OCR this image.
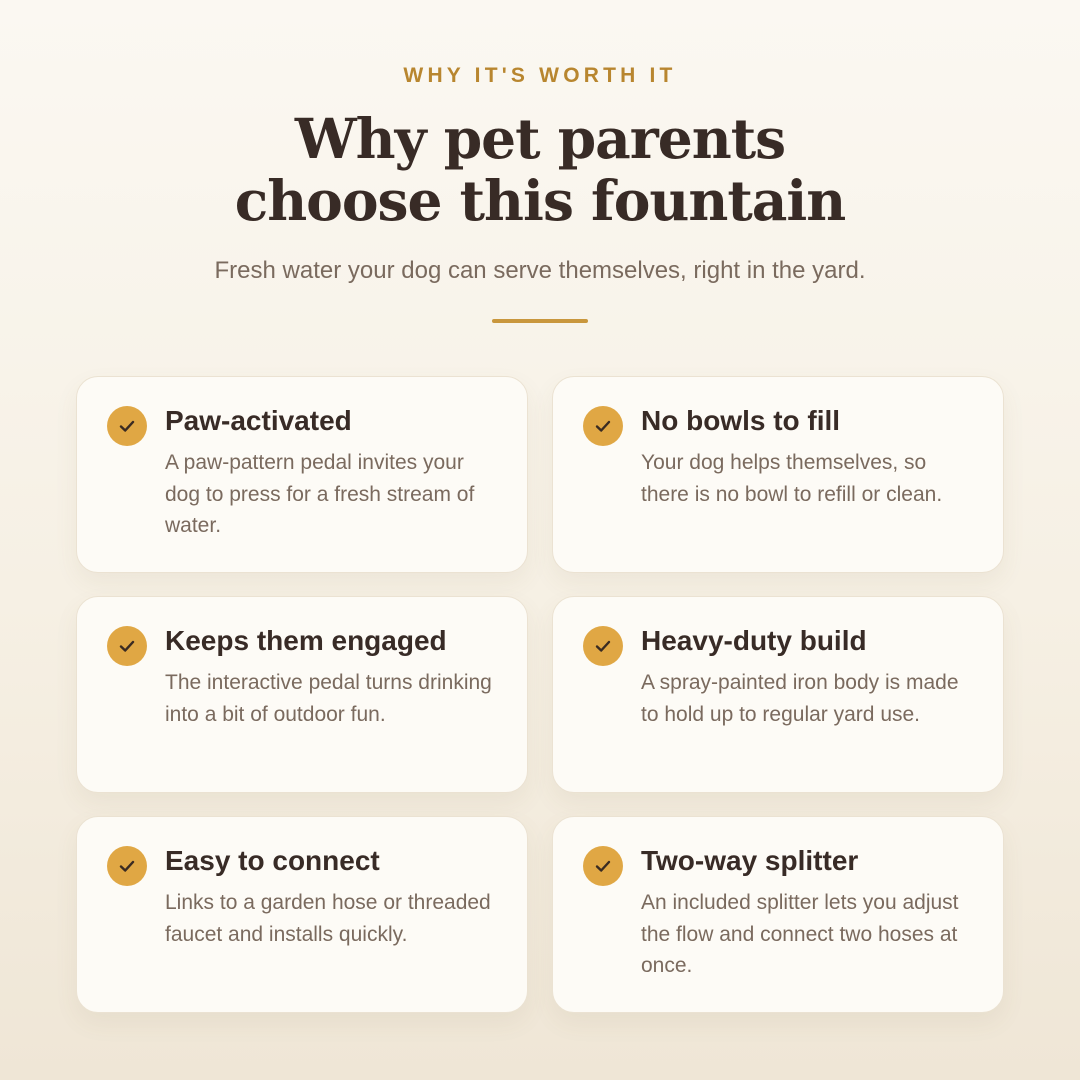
WHY IT'S WORTH IT
Why pet parents
choose this fountain

Fresh water your dog can serve themselves, right in the yard.

Paw-activated
A paw-pattern pedal invites your dog to press for a fresh stream of water.
No bowls to fill
Your dog helps themselves, so there is no bowl to refill or clean.
Keeps them engaged
The interactive pedal turns drinking into a bit of outdoor fun.
Heavy-duty build
A spray-painted iron body is made to hold up to regular yard use.
Easy to connect
Links to a garden hose or threaded faucet and installs quickly.
Two-way splitter
An included splitter lets you adjust the flow and connect two hoses at once.
